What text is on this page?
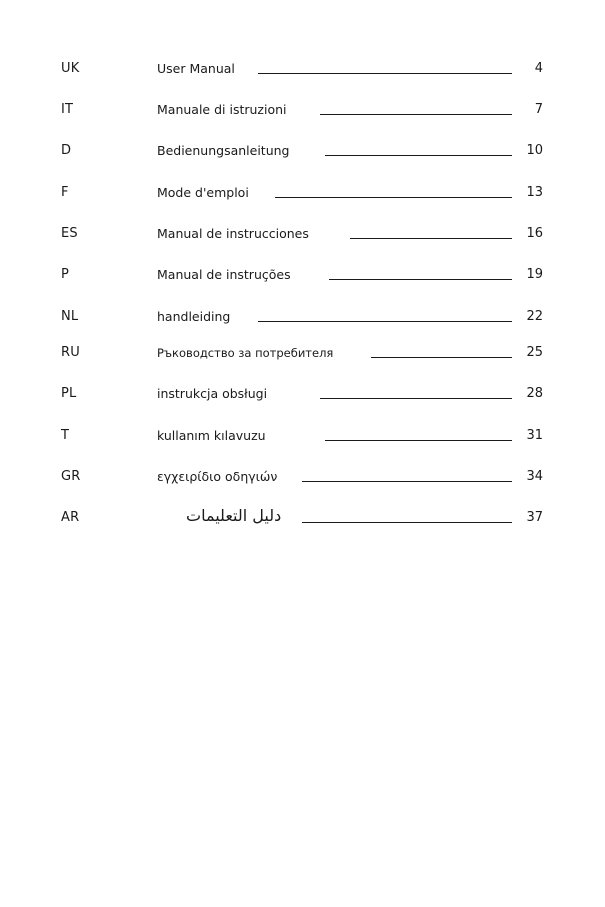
UK	User Manual	4
IT	Manuale di istruzioni	7
D	Bedienungsanleitung	10
F	Mode d'emploi	13
ES	Manual de instrucciones	16
P	Manual de instruções	19
NL	handleiding	22
RU	Ръководство за потребителя	25
PL	instrukcja obsługi	28
T	kullanım kılavuzu	31
GR	εγχειρίδιο οδηγιών	34
AR	دليل التعليمات	37
